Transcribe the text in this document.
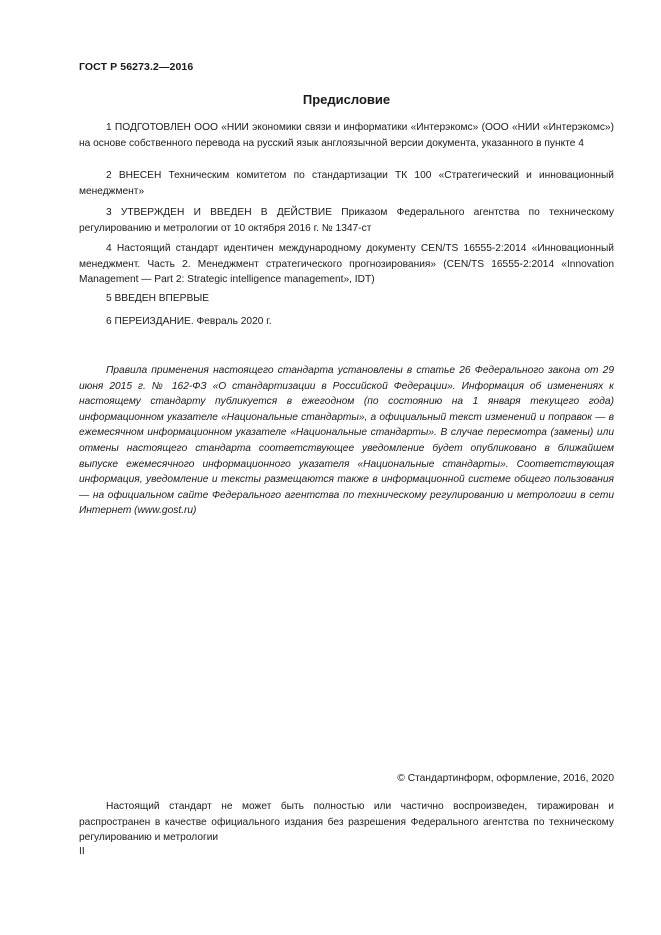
ГОСТ Р 56273.2—2016
Предисловие

1 ПОДГОТОВЛЕН ООО «НИИ экономики связи и информатики «Интерэкомс» (ООО «НИИ «Интерэкомс») на основе собственного перевода на русский язык англоязычной версии документа, указанного в пункте 4

2 ВНЕСЕН Техническим комитетом по стандартизации ТК 100 «Стратегический и инновационный менеджмент»

3 УТВЕРЖДЕН И ВВЕДЕН В ДЕЙСТВИЕ Приказом Федерального агентства по техническому регулированию и метрологии от 10 октября 2016 г. № 1347-ст

4 Настоящий стандарт идентичен международному документу CEN/TS 16555-2:2014 «Инновационный менеджмент. Часть 2. Менеджмент стратегического прогнозирования» (CEN/TS 16555-2:2014 «Innovation Management — Part 2: Strategic intelligence management», IDT)

5 ВВЕДЕН ВПЕРВЫЕ

6 ПЕРЕИЗДАНИЕ. Февраль 2020 г.

Правила применения настоящего стандарта установлены в статье 26 Федерального закона от 29 июня 2015 г. № 162-ФЗ «О стандартизации в Российской Федерации». Информация об изменениях к настоящему стандарту публикуется в ежегодном (по состоянию на 1 января текущего года) информационном указателе «Национальные стандарты», а официальный текст изменений и поправок — в ежемесячном информационном указателе «Национальные стандарты». В случае пересмотра (замены) или отмены настоящего стандарта соответствующее уведомление будет опубликовано в ближайшем выпуске ежемесячного информационного указателя «Национальные стандарты». Соответствующая информация, уведомление и тексты размещаются также в информационной системе общего пользования — на официальном сайте Федерального агентства по техническому регулированию и метрологии в сети Интернет (www.gost.ru)

© Стандартинформ, оформление, 2016, 2020

Настоящий стандарт не может быть полностью или частично воспроизведен, тиражирован и распространен в качестве официального издания без разрешения Федерального агентства по техническому регулированию и метрологии

II
